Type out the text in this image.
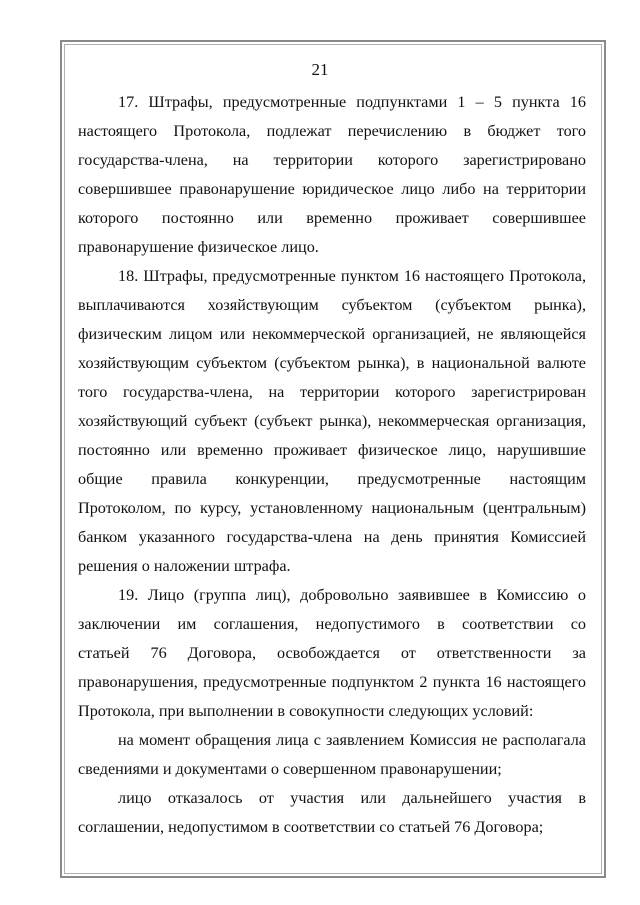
21
17. Штрафы, предусмотренные подпунктами 1 – 5 пункта 16
настоящего Протокола, подлежат перечислению в бюджет того
государства-члена, на территории которого зарегистрировано
совершившее правонарушение юридическое лицо либо на территории
которого постоянно или временно проживает совершившее
правонарушение физическое лицо.
18. Штрафы, предусмотренные пунктом 16 настоящего Протокола,
выплачиваются хозяйствующим субъектом (субъектом рынка),
физическим лицом или некоммерческой организацией, не являющейся
хозяйствующим субъектом (субъектом рынка), в национальной валюте
того государства-члена, на территории которого зарегистрирован
хозяйствующий субъект (субъект рынка), некоммерческая организация,
постоянно или временно проживает физическое лицо, нарушившие
общие правила конкуренции, предусмотренные настоящим
Протоколом, по курсу, установленному национальным (центральным)
банком указанного государства-члена на день принятия Комиссией
решения о наложении штрафа.
19. Лицо (группа лиц), добровольно заявившее в Комиссию о
заключении им соглашения, недопустимого в соответствии со
статьей 76 Договора, освобождается от ответственности за
правонарушения, предусмотренные подпунктом 2 пункта 16 настоящего
Протокола, при выполнении в совокупности следующих условий:
на момент обращения лица с заявлением Комиссия не располагала
сведениями и документами о совершенном правонарушении;
лицо отказалось от участия или дальнейшего участия в
соглашении, недопустимом в соответствии со статьей 76 Договора;
